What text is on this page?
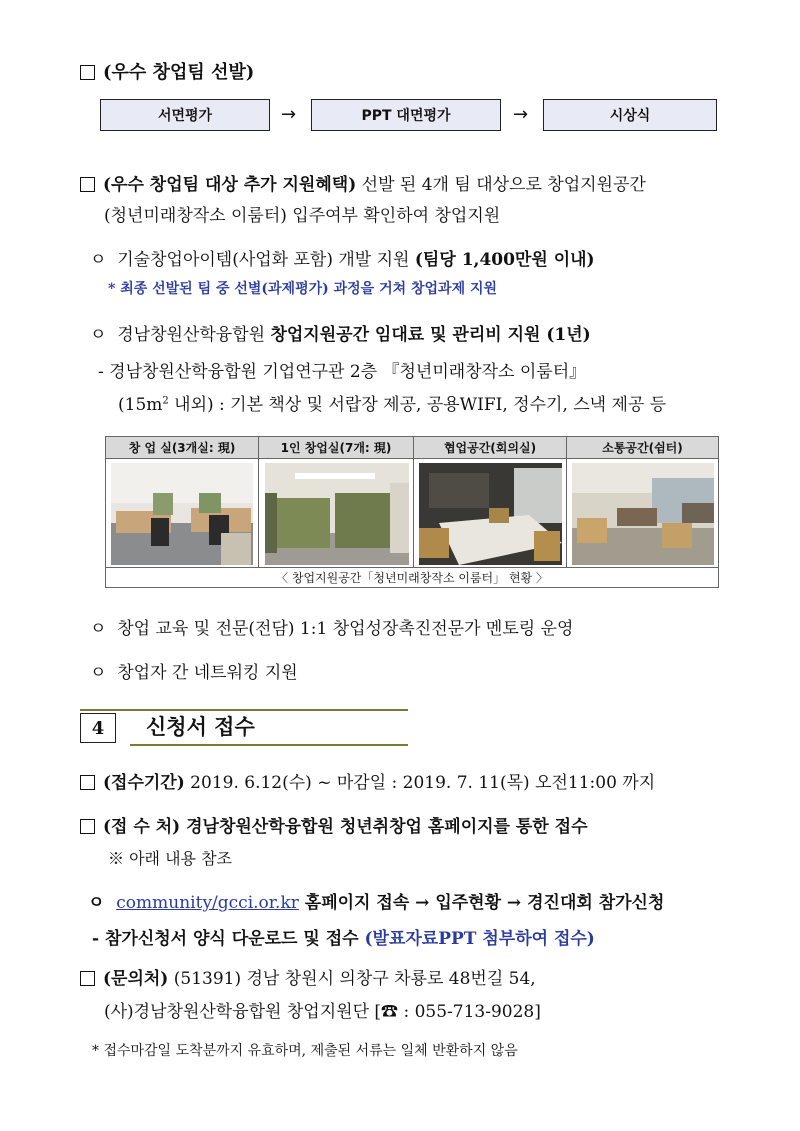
(우수 창업팀 선발)
서면평가	→	PPT 대면평가	→	시상식
(우수 창업팀 대상 추가 지원혜택) 선발 된 4개 팀 대상으로 창업지원공간
(청년미래창작소 이룸터) 입주여부 확인하여 창업지원
ㅇ 기술창업아이템(사업화 포함) 개발 지원 (팀당 1,400만원 이내)
* 최종 선발된 팀 중 선별(과제평가) 과정을 거쳐 창업과제 지원
ㅇ 경남창원산학융합원 창업지원공간 임대료 및 관리비 지원 (1년)
- 경남창원산학융합원 기업연구관 2층 『청년미래창작소 이룸터』
($15m^2$ 내외) : 기본 책상 및 서랍장 제공, 공용WIFI, 정수기, 스낵 제공 등
창 업 실(3개실: 現)	1인 창업실(7개: 現)	협업공간(회의실)	소통공간(쉼터)
〈 창업지원공간「청년미래창작소 이룸터」 현황 〉
ㅇ 창업 교육 및 전문(전담) 1:1 창업성장촉진전문가 멘토링 운영
ㅇ 창업자 간 네트워킹 지원
4	신청서 접수
(접수기간) 2019. 6.12(수) ~ 마감일 : 2019. 7. 11(목) 오전11:00 까지
(접 수 처) 경남창원산학융합원 청년취창업 홈페이지를 통한 접수
※ 아래 내용 참조
ㅇ community/gcci.or.kr 홈페이지 접속 → 입주현황 → 경진대회 참가신청
- 참가신청서 양식 다운로드 및 접수 (발표자료PPT 첨부하여 접수)
(문의처) (51391) 경남 창원시 의창구 차룡로 48번길 54,
(사)경남창원산학융합원 창업지원단 [☎ : 055-713-9028]
* 접수마감일 도착분까지 유효하며, 제출된 서류는 일체 반환하지 않음
